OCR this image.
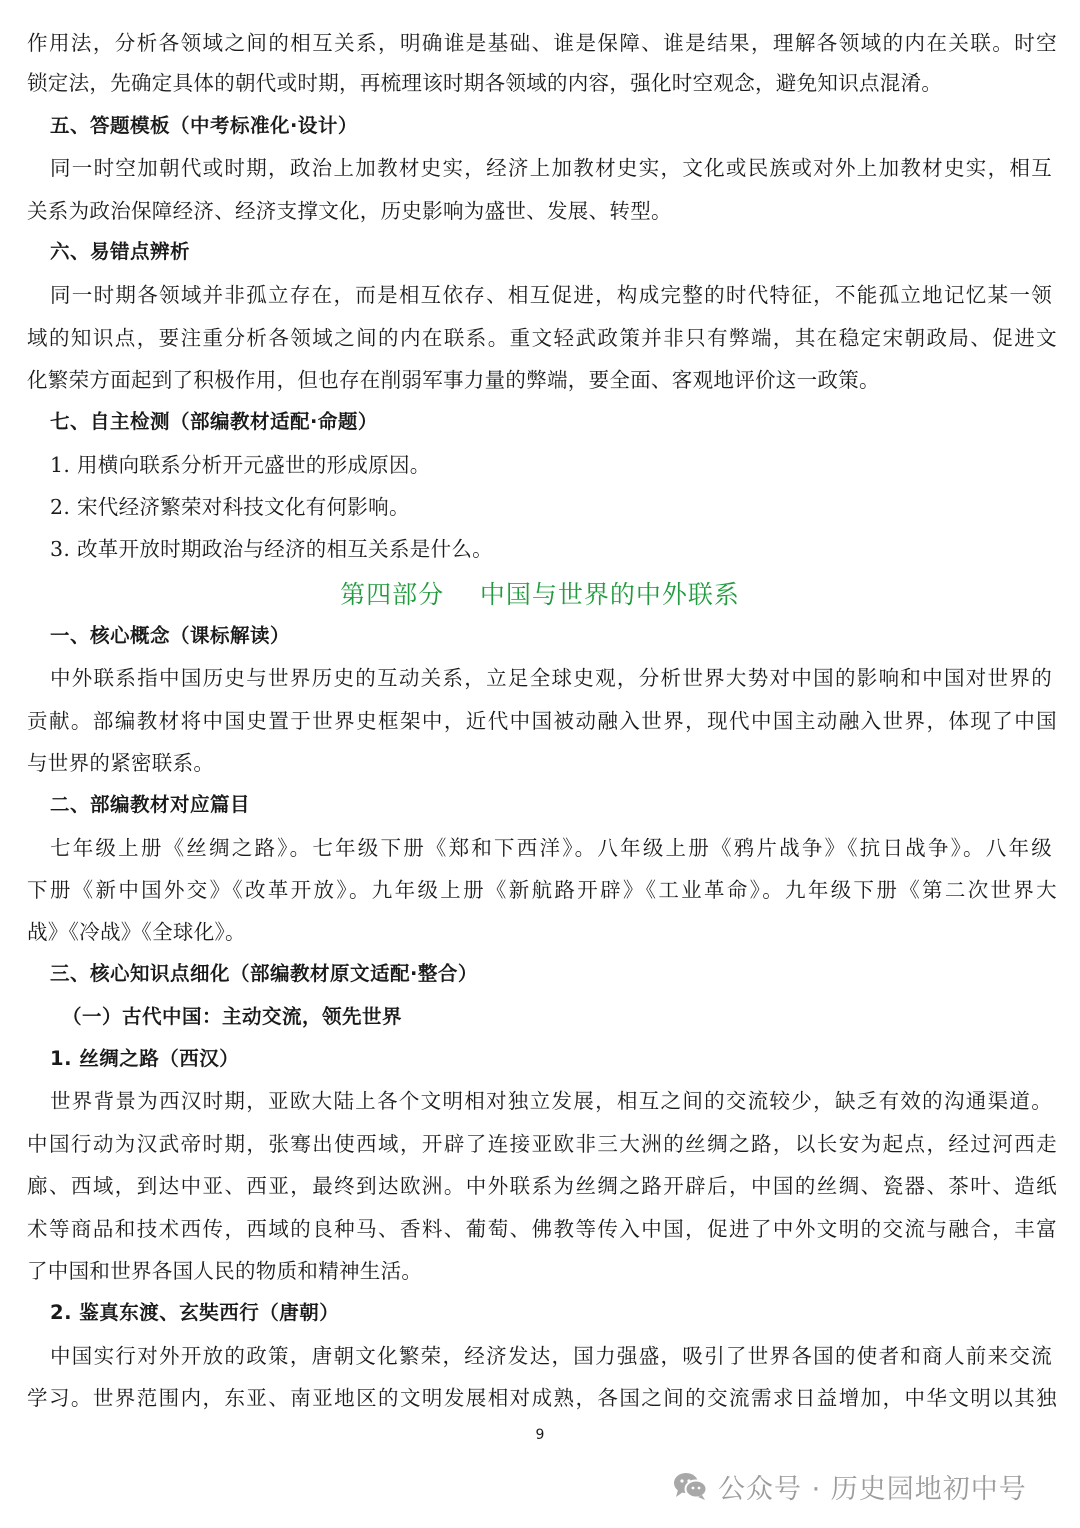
作用法，分析各领域之间的相互关系，明确谁是基础、谁是保障、谁是结果，理解各领域的内在关联。时空
锁定法，先确定具体的朝代或时期，再梳理该时期各领域的内容，强化时空观念，避免知识点混淆。
五、答题模板（中考标准化·设计）
同一时空加朝代或时期，政治上加教材史实，经济上加教材史实，文化或民族或对外上加教材史实，相互
关系为政治保障经济、经济支撑文化，历史影响为盛世、发展、转型。
六、易错点辨析
同一时期各领域并非孤立存在，而是相互依存、相互促进，构成完整的时代特征，不能孤立地记忆某一领
域的知识点，要注重分析各领域之间的内在联系。重文轻武政策并非只有弊端，其在稳定宋朝政局、促进文
化繁荣方面起到了积极作用，但也存在削弱军事力量的弊端，要全面、客观地评价这一政策。
七、自主检测（部编教材适配·命题）
1. 用横向联系分析开元盛世的形成原因。
2. 宋代经济繁荣对科技文化有何影响。
3. 改革开放时期政治与经济的相互关系是什么。
第四部分    中国与世界的中外联系
一、核心概念（课标解读）
中外联系指中国历史与世界历史的互动关系，立足全球史观，分析世界大势对中国的影响和中国对世界的
贡献。部编教材将中国史置于世界史框架中，近代中国被动融入世界，现代中国主动融入世界，体现了中国
与世界的紧密联系。
二、部编教材对应篇目
七年级上册《丝绸之路》。七年级下册《郑和下西洋》。八年级上册《鸦片战争》《抗日战争》。八年级
下册《新中国外交》《改革开放》。九年级上册《新航路开辟》《工业革命》。九年级下册《第二次世界大
战》《冷战》《全球化》。
三、核心知识点细化（部编教材原文适配·整合）
（一）古代中国：主动交流，领先世界
1. 丝绸之路（西汉）
世界背景为西汉时期，亚欧大陆上各个文明相对独立发展，相互之间的交流较少，缺乏有效的沟通渠道。
中国行动为汉武帝时期，张骞出使西域，开辟了连接亚欧非三大洲的丝绸之路，以长安为起点，经过河西走
廊、西域，到达中亚、西亚，最终到达欧洲。中外联系为丝绸之路开辟后，中国的丝绸、瓷器、茶叶、造纸
术等商品和技术西传，西域的良种马、香料、葡萄、佛教等传入中国，促进了中外文明的交流与融合，丰富
了中国和世界各国人民的物质和精神生活。
2. 鉴真东渡、玄奘西行（唐朝）
中国实行对外开放的政策，唐朝文化繁荣，经济发达，国力强盛，吸引了世界各国的使者和商人前来交流
学习。世界范围内，东亚、南亚地区的文明发展相对成熟，各国之间的交流需求日益增加，中华文明以其独
9
公众号 · 历史园地初中号
